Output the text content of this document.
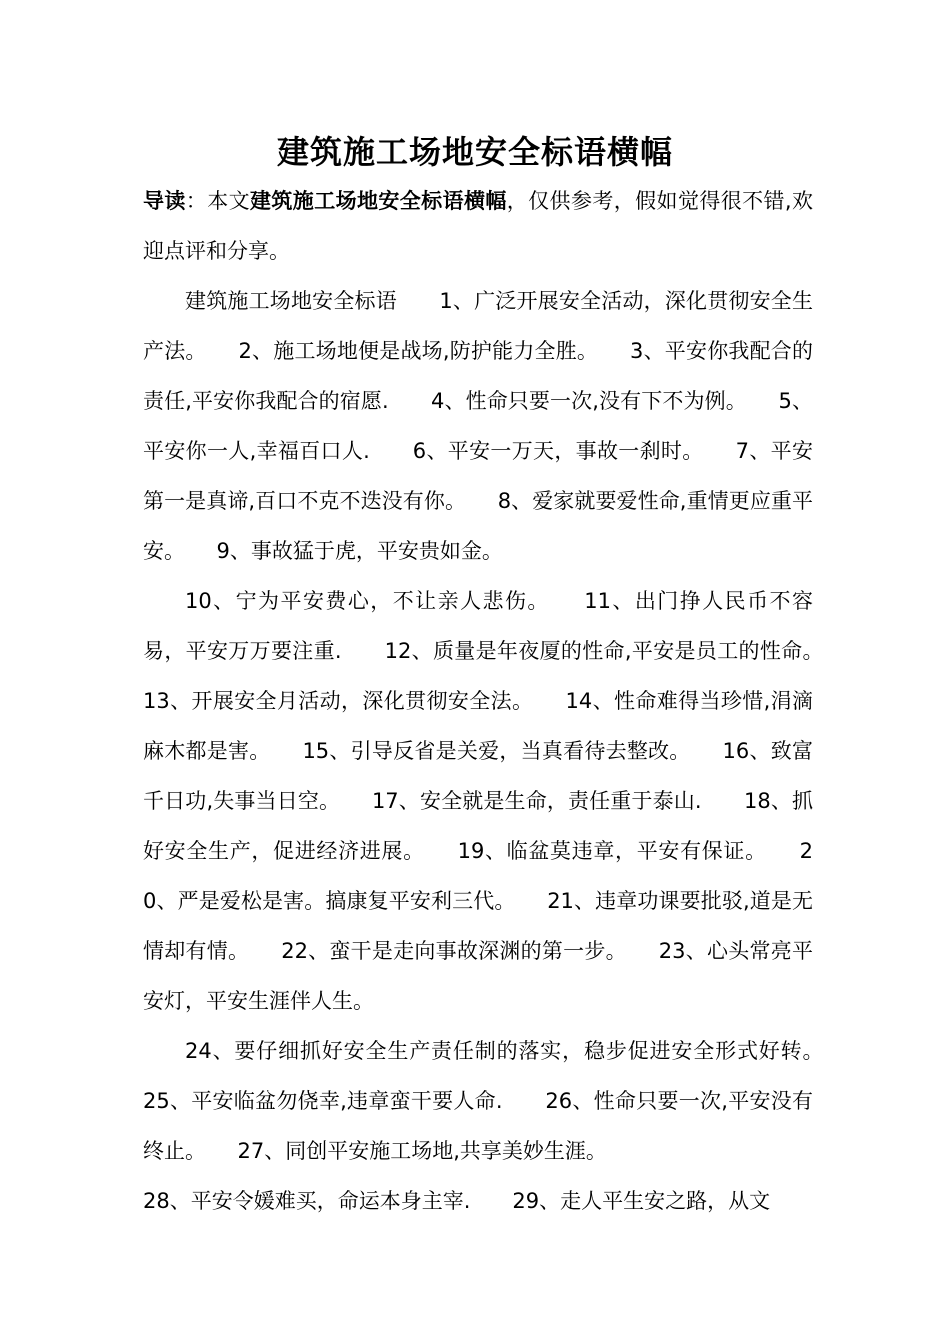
建筑施工场地安全标语横幅
导读：本文建筑施工场地安全标语横幅，仅供参考，假如觉得很不错,欢迎点评和分享。

建筑施工场地安全标语　　1、广泛开展安全活动，深化贯彻安全生产法。　　2、施工场地便是战场,防护能力全胜。　　3、平安你我配合的责任,平安你我配合的宿愿.　　4、性命只要一次,没有下不为例。　　5、平安你一人,幸福百口人.　　6、平安一万天，事故一刹时。　　7、平安第一是真谛,百口不克不迭没有你。　　8、爱家就要爱性命,重情更应重平安。　　9、事故猛于虎，平安贵如金。

10、宁为平安费心，不让亲人悲伤。　　11、出门挣人民币不容易，平安万万要注重.　　12、质量是年夜厦的性命,平安是员工的性命。　　13、开展安全月活动，深化贯彻安全法。　　14、性命难得当珍惜,涓滴麻木都是害。　　15、引导反省是关爱，当真看待去整改。　　16、致富千日功,失事当日空。　　17、安全就是生命，责任重于泰山.　　18、抓好安全生产，促进经济进展。　　19、临盆莫违章，平安有保证。　　20、严是爱松是害。搞康复平安利三代。　　21、违章功课要批驳,道是无情却有情。　　22、蛮干是走向事故深渊的第一步。　　23、心头常亮平安灯，平安生涯伴人生。

24、要仔细抓好安全生产责任制的落实，稳步促进安全形式好转。　　25、平安临盆勿侥幸,违章蛮干要人命.　　26、性命只要一次,平安没有终止。　　27、同创平安施工场地,共享美妙生涯。

28、平安令媛难买，命运本身主宰.　　29、走人平生安之路，从文
